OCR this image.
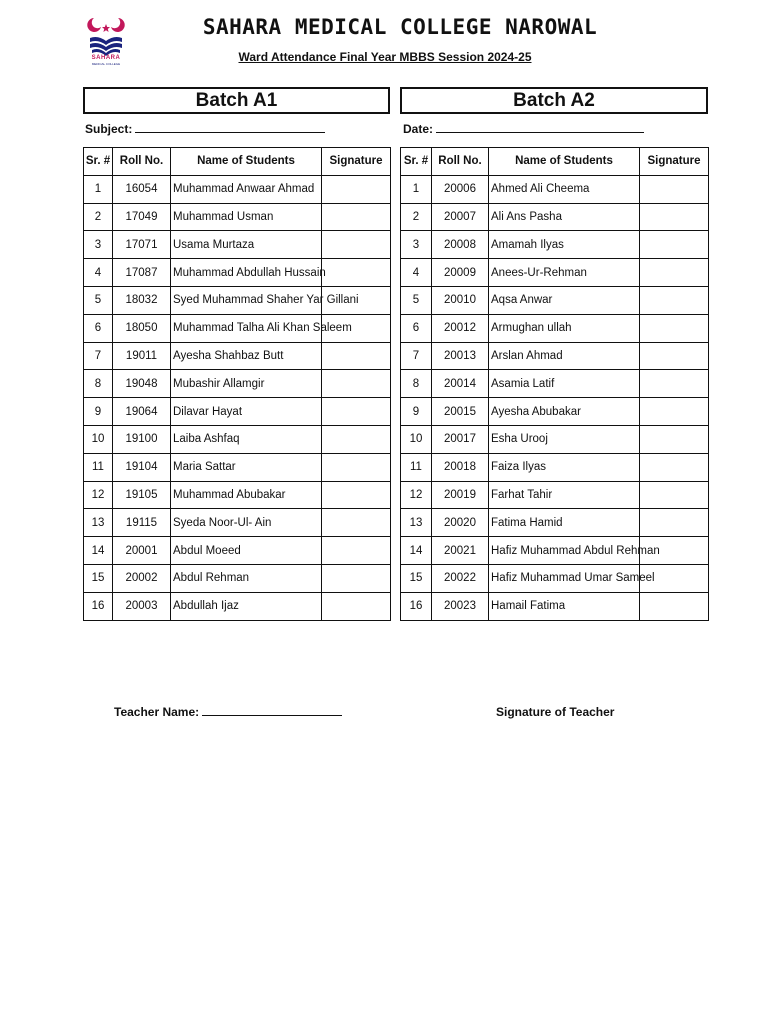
SAHARA
MEDICAL COLLEGE
SAHARA MEDICAL COLLEGE NAROWAL
Ward Attendance Final Year MBBS Session 2024-25
Batch A1	Batch A2
Subject:	Date:
Sr. #	Roll No.	Name of Students	Signature
1	16054	Muhammad Anwaar Ahmad	
2	17049	Muhammad Usman	
3	17071	Usama Murtaza	
4	17087	Muhammad Abdullah Hussain	
5	18032	Syed Muhammad Shaher Yar Gillani	
6	18050	Muhammad Talha Ali Khan Saleem	
7	19011	Ayesha Shahbaz Butt	
8	19048	Mubashir Allamgir	
9	19064	Dilavar Hayat	
10	19100	Laiba Ashfaq	
11	19104	Maria Sattar	
12	19105	Muhammad Abubakar	
13	19115	Syeda Noor-Ul- Ain	
14	20001	Abdul Moeed	
15	20002	Abdul Rehman	
16	20003	Abdullah Ijaz	
Sr. #	Roll No.	Name of Students	Signature
1	20006	Ahmed Ali Cheema	
2	20007	Ali Ans Pasha	
3	20008	Amamah Ilyas	
4	20009	Anees-Ur-Rehman	
5	20010	Aqsa Anwar	
6	20012	Armughan ullah	
7	20013	Arslan Ahmad	
8	20014	Asamia Latif	
9	20015	Ayesha Abubakar	
10	20017	Esha Urooj	
11	20018	Faiza Ilyas	
12	20019	Farhat Tahir	
13	20020	Fatima Hamid	
14	20021	Hafiz Muhammad Abdul Rehman	
15	20022	Hafiz Muhammad Umar Sameel	
16	20023	Hamail Fatima	
Teacher Name:	Signature of Teacher
